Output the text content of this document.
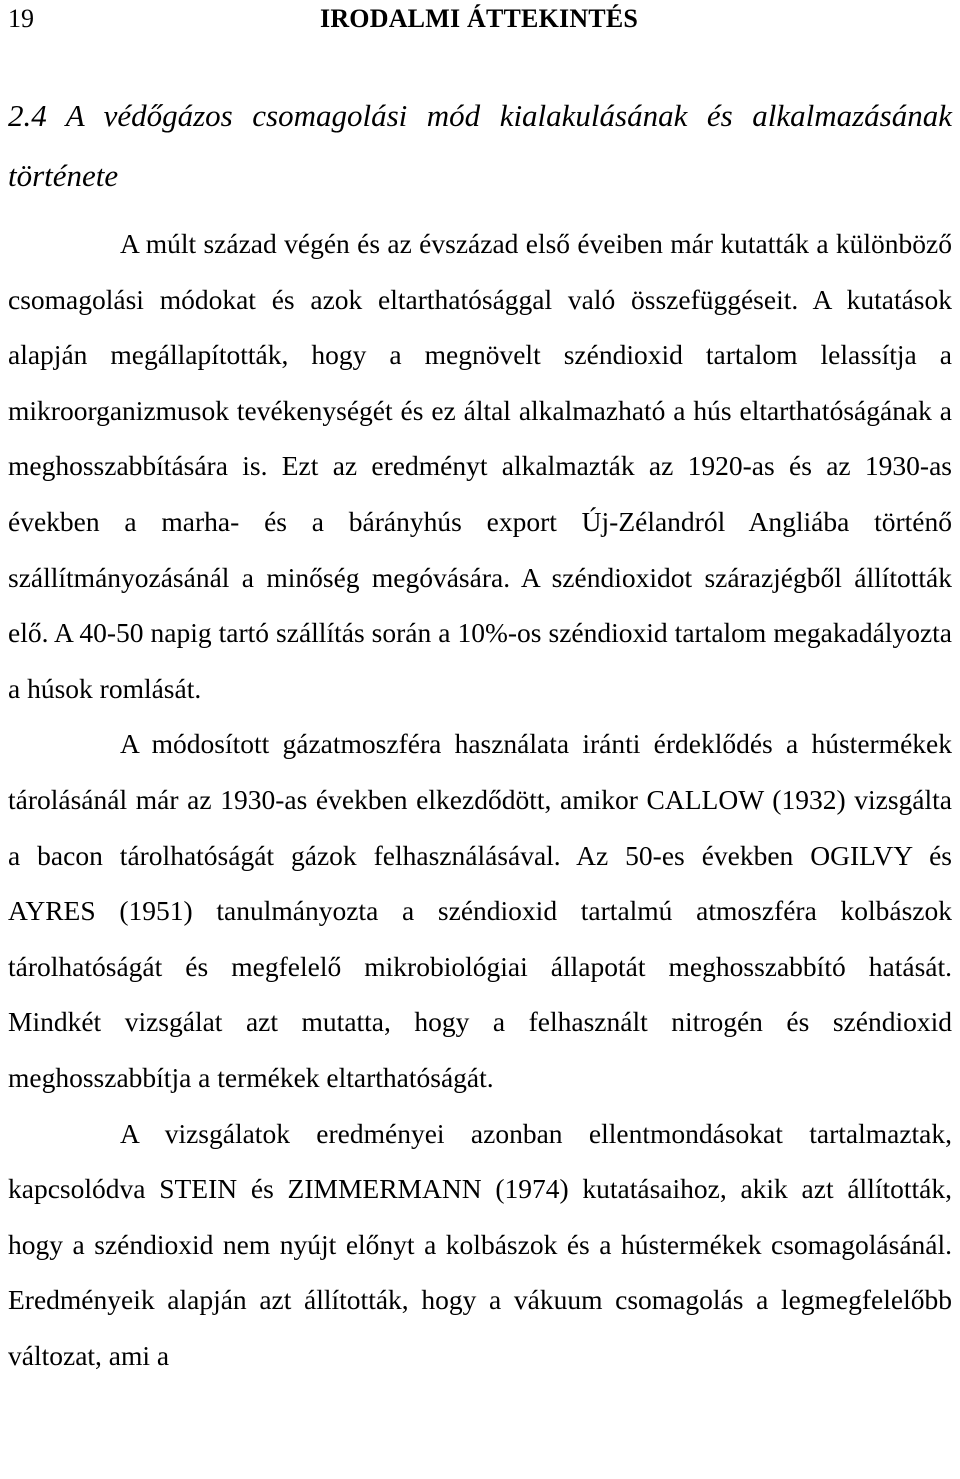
19	IRODALMI ÁTTEKINTÉS
2.4 A védőgázos csomagolási mód kialakulásának és alkalmazásának története

A múlt század végén és az évszázad első éveiben már kutatták a különböző csomagolási módokat és azok eltarthatósággal való összefüggéseit. A kutatások alapján megállapították, hogy a megnövelt széndioxid tartalom lelassítja a mikroorganizmusok tevékenységét és ez által alkalmazható a hús eltarthatóságának a meghosszabbítására is. Ezt az eredményt alkalmazták az 1920-as és az 1930-as években a marha- és a bárányhús export Új-Zélandról Angliába történő szállítmányozásánál a minőség megóvására. A széndioxidot szárazjégből állították elő. A 40-50 napig tartó szállítás során a 10%-os széndioxid tartalom megakadályozta a húsok romlását.

A módosított gázatmoszféra használata iránti érdeklődés a hústermékek tárolásánál már az 1930-as években elkezdődött, amikor CALLOW (1932) vizsgálta a bacon tárolhatóságát gázok felhasználásával. Az 50-es években OGILVY és AYRES (1951) tanulmányozta a széndioxid tartalmú atmoszféra kolbászok tárolhatóságát és megfelelő mikrobiológiai állapotát meghosszabbító hatását. Mindkét vizsgálat azt mutatta, hogy a felhasznált nitrogén és széndioxid meghosszabbítja a termékek eltarthatóságát.

A vizsgálatok eredményei azonban ellentmondásokat tartalmaztak, kapcsolódva STEIN és ZIMMERMANN (1974) kutatásaihoz, akik azt állították, hogy a széndioxid nem nyújt előnyt a kolbászok és a hústermékek csomagolásánál. Eredményeik alapján azt állították, hogy a vákuum csomagolás a legmegfelelőbb változat, ami a
